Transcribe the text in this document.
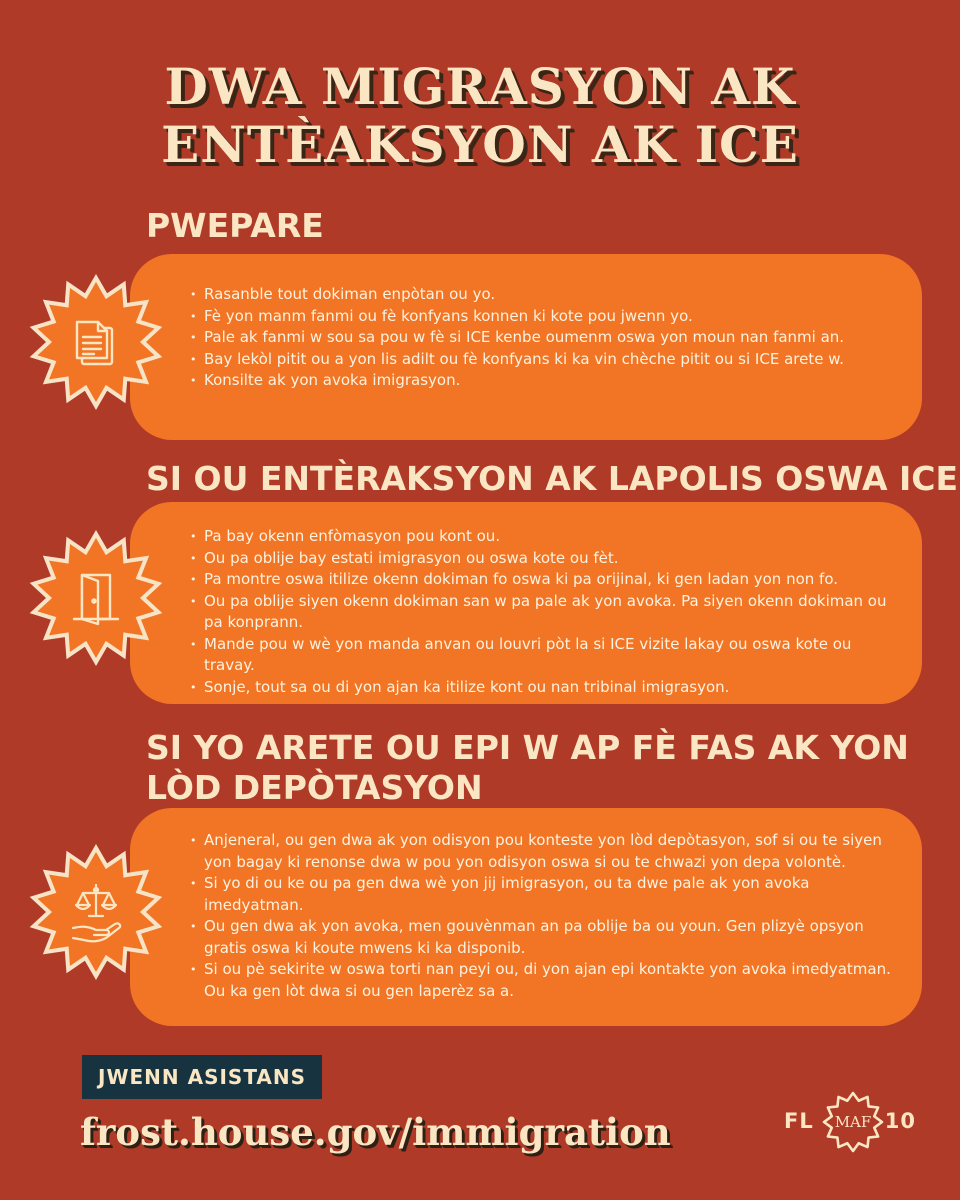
DWA MIGRASYON AK
ENTÈAKSYON AK ICE
PWEPARE
• Rasanble tout dokiman enpòtan ou yo.
• Fè yon manm fanmi ou fè konfyans konnen ki kote pou jwenn yo.
• Pale ak fanmi w sou sa pou w fè si ICE kenbe oumenm oswa yon moun nan fanmi an.
• Bay lekòl pitit ou a yon lis adilt ou fè konfyans ki ka vin chèche pitit ou si ICE arete w.
• Konsilte ak yon avoka imigrasyon.
SI OU ENTÈRAKSYON AK LAPOLIS OSWA ICE
• Pa bay okenn enfòmasyon pou kont ou.
• Ou pa oblije bay estati imigrasyon ou oswa kote ou fèt.
• Pa montre oswa itilize okenn dokiman fo oswa ki pa orijinal, ki gen ladan yon non fo.
• Ou pa oblije siyen okenn dokiman san w pa pale ak yon avoka. Pa siyen okenn dokiman ou pa konprann.
• Mande pou w wè yon manda anvan ou louvri pòt la si ICE vizite lakay ou oswa kote ou travay.
• Sonje, tout sa ou di yon ajan ka itilize kont ou nan tribinal imigrasyon.
SI YO ARETE OU EPI W AP FÈ FAS AK YON
LÒD DEPÒTASYON
• Anjeneral, ou gen dwa ak yon odisyon pou konteste yon lòd depòtasyon, sof si ou te siyen yon bagay ki renonse dwa w pou yon odisyon oswa si ou te chwazi yon depa volontè.
• Si yo di ou ke ou pa gen dwa wè yon jij imigrasyon, ou ta dwe pale ak yon avoka imedyatman.
• Ou gen dwa ak yon avoka, men gouvènman an pa oblije ba ou youn. Gen plizyè opsyon gratis oswa ki koute mwens ki ka disponib.
• Si ou pè sekirite w oswa torti nan peyi ou, di yon ajan epi kontakte yon avoka imedyatman. Ou ka gen lòt dwa si ou gen laperèz sa a.
JWENN ASISTANS
frost.house.gov/immigration	FL MAF 10
